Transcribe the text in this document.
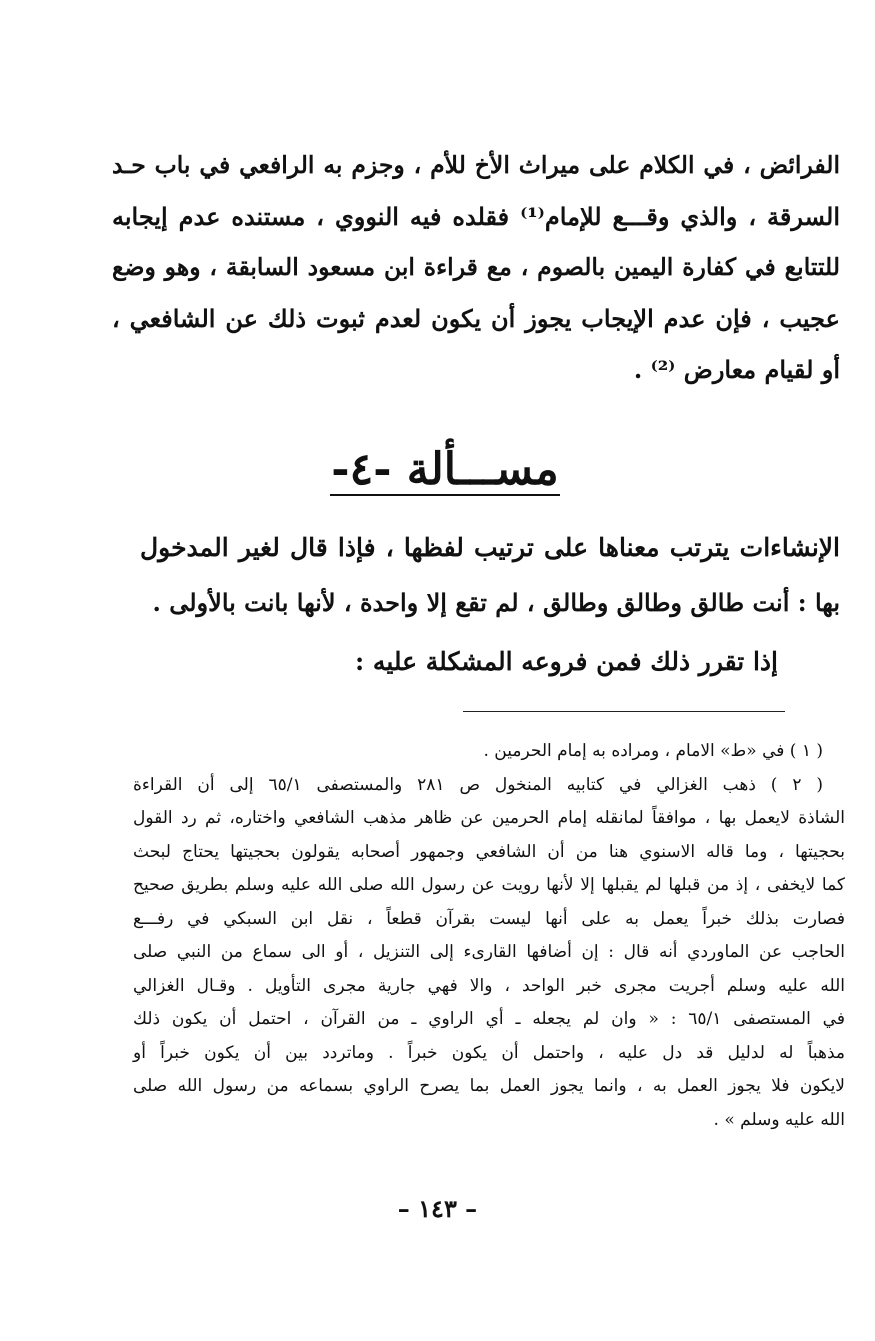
الفرائض ، في الكلام على ميراث الأخ للأم ، وجزم به الرافعي في باب حـد
السرقة ، والذي وقـــع للإمام⁽¹⁾ فقلده فيه النووي ، مستنده عدم إيجابه
للتتابع في كفارة اليمين بالصوم ، مع قراءة ابن مسعود السابقة ، وهو وضع
عجيب ، فإن عدم الإيجاب يجوز أن يكون لعدم ثبوت ذلك عن الشافعي ،
أو لقيام معارض ⁽²⁾ .
مســـألة -٤-
الإنشاءات يترتب معناها على ترتيب لفظها ، فإذا قال لغير المدخول
بها : أنت طالق وطالق وطالق ، لم تقع إلا واحدة ، لأنها بانت بالأولى .
إذا تقرر ذلك فمن فروعه المشكلة عليه :
( ١ ) في «ط» الامام ، ومراده به إمام الحرمين .
( ٢ ) ذهب الغزالي في كتابيه المنخول ص ٢٨١ والمستصفى ٦٥/١ إلى أن القراءة
الشاذة لايعمل بها ، موافقاً لمانقله إمام الحرمين عن ظاهر مذهب الشافعي واختاره، ثم رد القول
بحجيتها ، وما قاله الاسنوي هنا من أن الشافعي وجمهور أصحابه يقولون بحجيتها يحتاج لبحث
كما لايخفى ، إذ من قبلها لم يقبلها إلا لأنها رويت عن رسول الله صلى الله عليه وسلم بطريق صحيح
فصارت بذلك خبراً يعمل به على أنها ليست بقرآن قطعاً ، نقل ابن السبكي في رفـــع
الحاجب عن الماوردي أنه قال : إن أضافها القارىء إلى التنزيل ، أو الى سماع من النبي صلى
الله عليه وسلم أجريت مجرى خبر الواحد ، والا فهي جارية مجرى التأويل . وقـال الغزالي
في المستصفى ٦٥/١ : « وان لم يجعله ـ أي الراوي ـ من القرآن ، احتمل أن يكون ذلك
مذهباً له لدليل قد دل عليه ، واحتمل أن يكون خبراً . وماتردد بين أن يكون خبراً أو
لايكون فلا يجوز العمل به ، وانما يجوز العمل بما يصرح الراوي بسماعه من رسول الله صلى
الله عليه وسلم » .
– ١٤٣ –
